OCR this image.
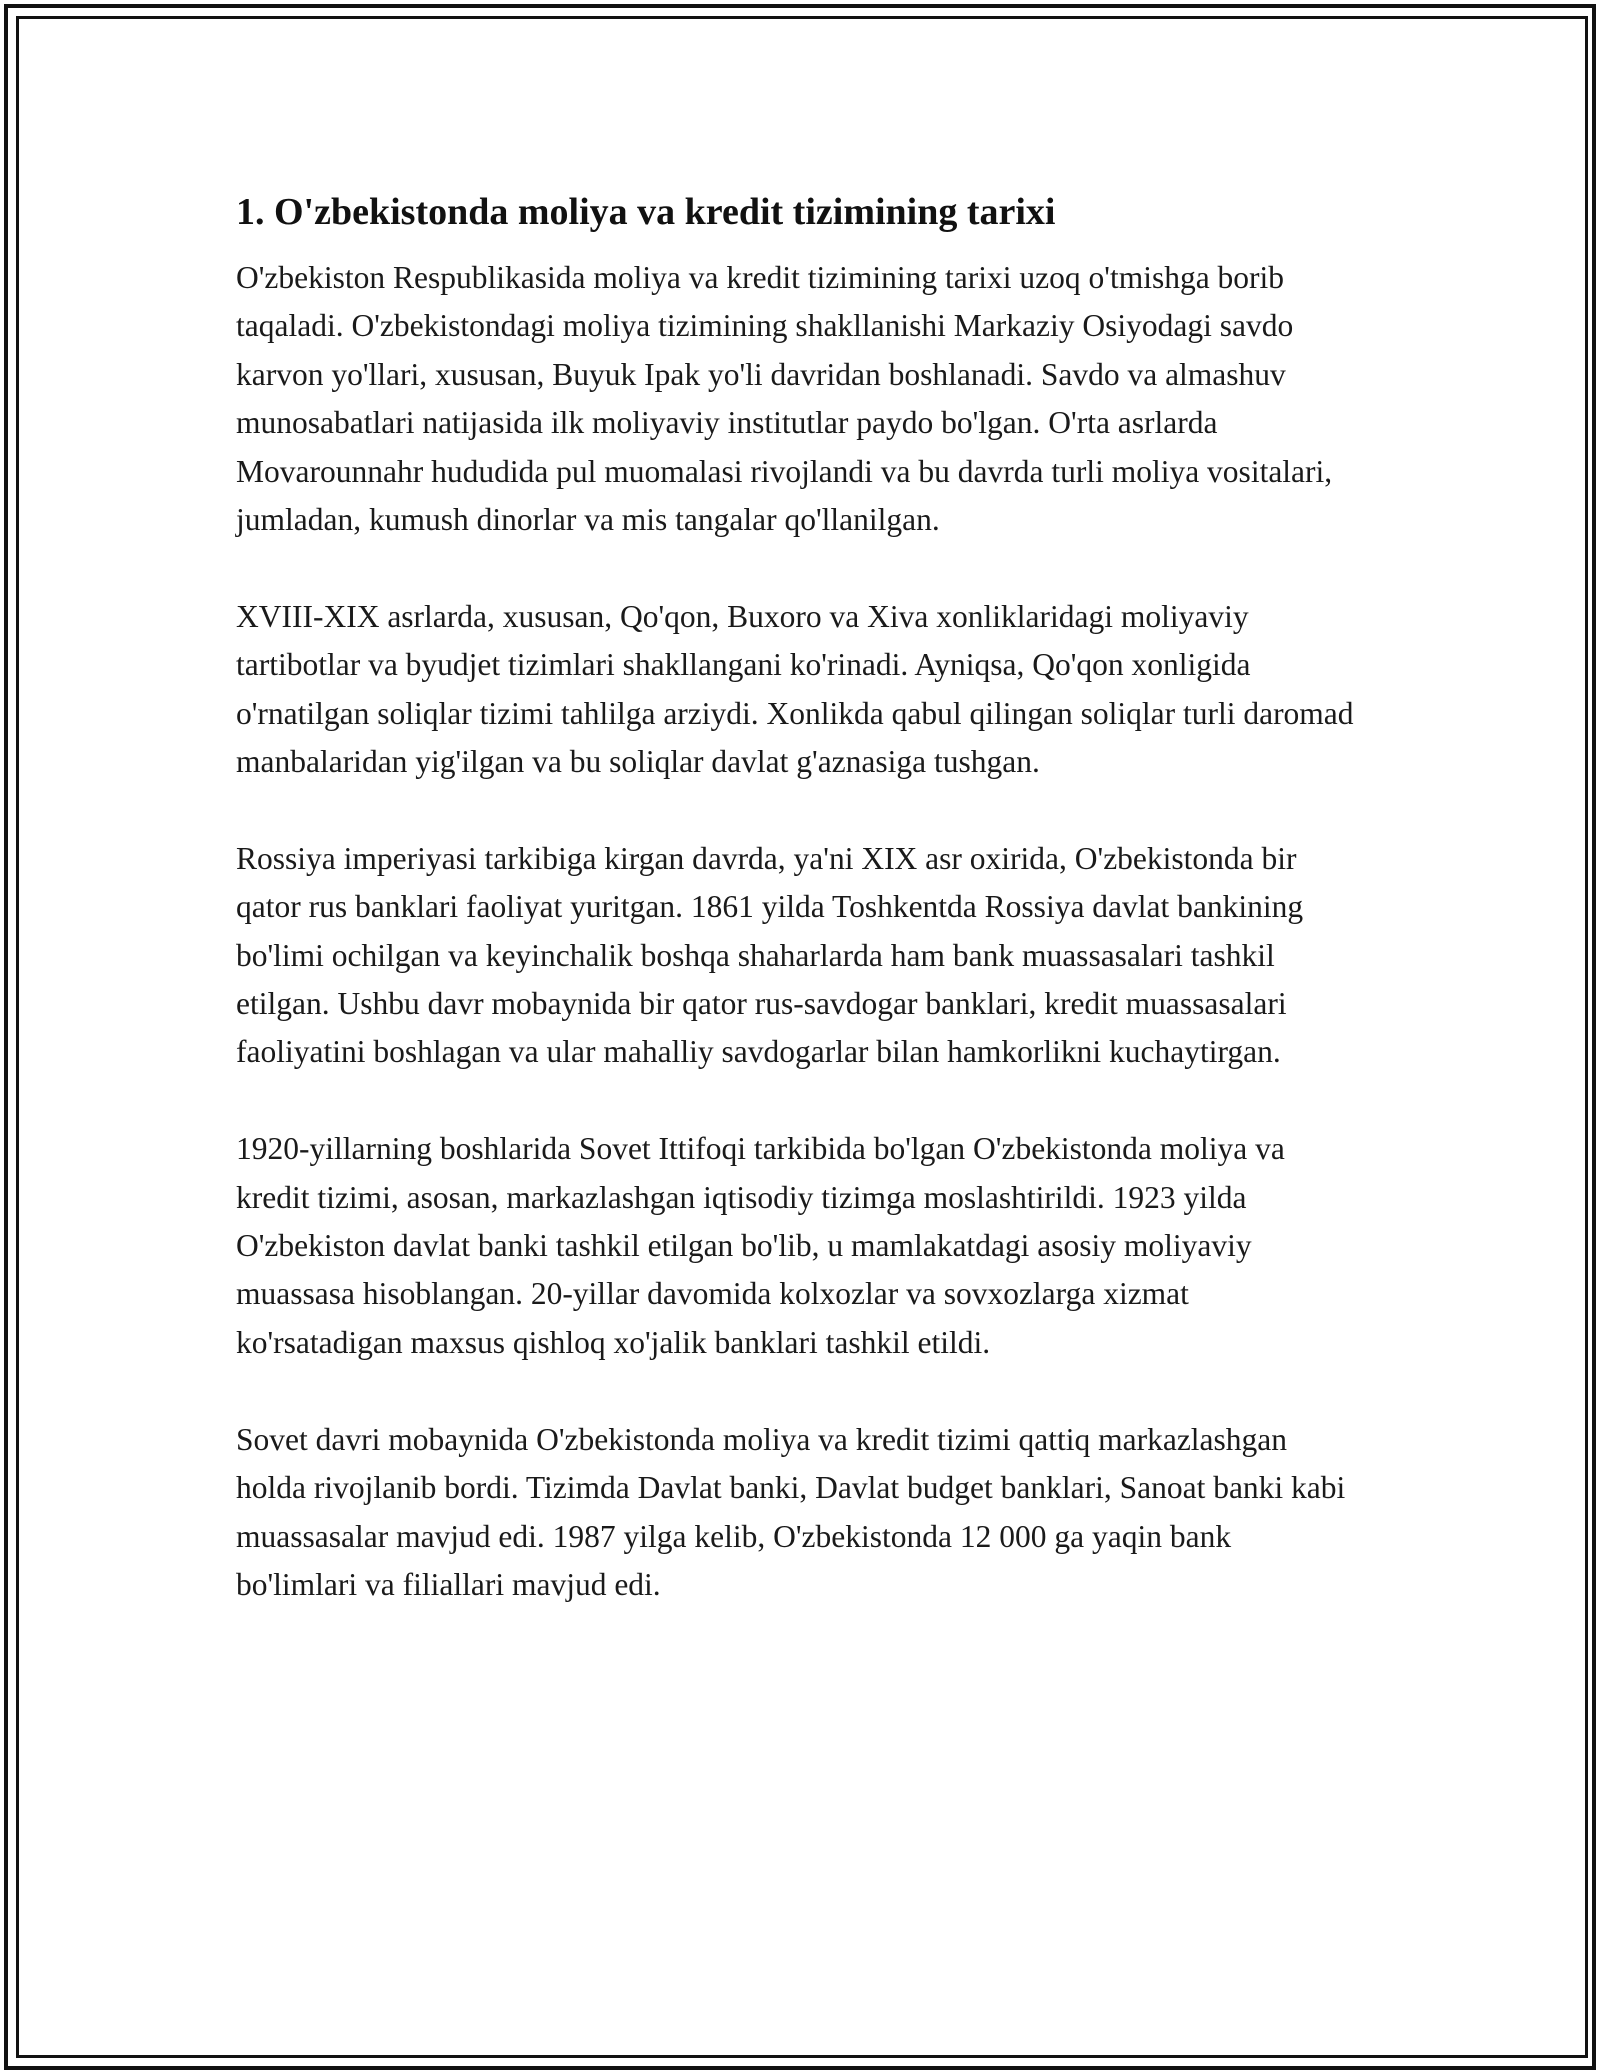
1. O'zbekistonda moliya va kredit tizimining tarixi

O'zbekiston Respublikasida moliya va kredit tizimining tarixi uzoq o'tmishga borib taqaladi. O'zbekistondagi moliya tizimining shakllanishi Markaziy Osiyodagi savdo karvon yo'llari, xususan, Buyuk Ipak yo'li davridan boshlanadi. Savdo va almashuv munosabatlari natijasida ilk moliyaviy institutlar paydo bo'lgan. O'rta asrlarda Movarounnahr hududida pul muomalasi rivojlandi va bu davrda turli moliya vositalari, jumladan, kumush dinorlar va mis tangalar qo'llanilgan.

XVIII-XIX asrlarda, xususan, Qo'qon, Buxoro va Xiva xonliklaridagi moliyaviy tartibotlar va byudjet tizimlari shakllangani ko'rinadi. Ayniqsa, Qo'qon xonligida o'rnatilgan soliqlar tizimi tahlilga arziydi. Xonlikda qabul qilingan soliqlar turli daromad manbalaridan yig'ilgan va bu soliqlar davlat g'aznasiga tushgan.

Rossiya imperiyasi tarkibiga kirgan davrda, ya'ni XIX asr oxirida, O'zbekistonda bir qator rus banklari faoliyat yuritgan. 1861 yilda Toshkentda Rossiya davlat bankining bo'limi ochilgan va keyinchalik boshqa shaharlarda ham bank muassasalari tashkil etilgan. Ushbu davr mobaynida bir qator rus-savdogar banklari, kredit muassasalari faoliyatini boshlagan va ular mahalliy savdogarlar bilan hamkorlikni kuchaytirgan.

1920-yillarning boshlarida Sovet Ittifoqi tarkibida bo'lgan O'zbekistonda moliya va kredit tizimi, asosan, markazlashgan iqtisodiy tizimga moslashtirildi. 1923 yilda O'zbekiston davlat banki tashkil etilgan bo'lib, u mamlakatdagi asosiy moliyaviy muassasa hisoblangan. 20-yillar davomida kolxozlar va sovxozlarga xizmat ko'rsatadigan maxsus qishloq xo'jalik banklari tashkil etildi.

Sovet davri mobaynida O'zbekistonda moliya va kredit tizimi qattiq markazlashgan holda rivojlanib bordi. Tizimda Davlat banki, Davlat budget banklari, Sanoat banki kabi muassasalar mavjud edi. 1987 yilga kelib, O'zbekistonda 12 000 ga yaqin bank bo'limlari va filiallari mavjud edi.
